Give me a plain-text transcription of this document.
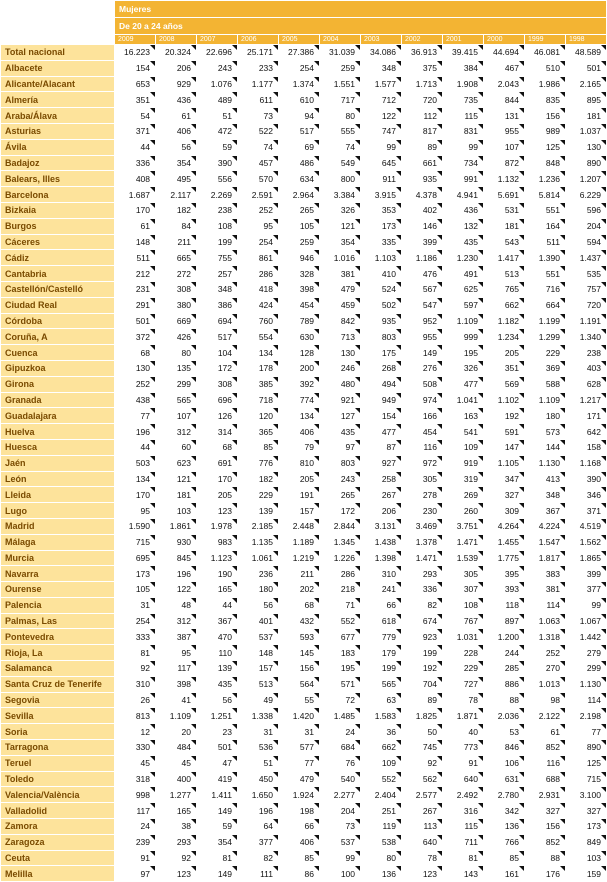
	Mujeres											
	De 20 a 24 años											
	2009	2008	2007	2006	2005	2004	2003	2002	2001	2000	1999	1998
Total nacional	16.223	20.324	22.696	25.171	27.386	31.039	34.086	36.913	39.415	44.694	46.081	48.589
Albacete	154	206	243	233	254	259	348	375	384	467	510	501
Alicante/Alacant	653	929	1.076	1.177	1.374	1.551	1.577	1.713	1.908	2.043	1.986	2.165
Almería	351	436	489	611	610	717	712	720	735	844	835	895
Araba/Álava	54	61	51	73	94	80	122	112	115	131	156	181
Asturias	371	406	472	522	517	555	747	817	831	955	989	1.037
Ávila	44	56	59	74	69	74	99	89	99	107	125	130
Badajoz	336	354	390	457	486	549	645	661	734	872	848	890
Balears, Illes	408	495	556	570	634	800	911	935	991	1.132	1.236	1.207
Barcelona	1.687	2.117	2.269	2.591	2.964	3.384	3.915	4.378	4.941	5.691	5.814	6.229
Bizkaia	170	182	238	252	265	326	353	402	436	531	551	596
Burgos	61	84	108	95	105	121	173	146	132	181	164	204
Cáceres	148	211	199	254	259	354	335	399	435	543	511	594
Cádiz	511	665	755	861	946	1.016	1.103	1.186	1.230	1.417	1.390	1.437
Cantabria	212	272	257	286	328	381	410	476	491	513	551	535
Castellón/Castelló	231	308	348	418	398	479	524	567	625	765	716	757
Ciudad Real	291	380	386	424	454	459	502	547	597	662	664	720
Córdoba	501	669	694	760	789	842	935	952	1.109	1.182	1.199	1.191
Coruña, A	372	426	517	554	630	713	803	955	999	1.234	1.299	1.340
Cuenca	68	80	104	134	128	130	175	149	195	205	229	238
Gipuzkoa	130	135	172	178	200	246	268	276	326	351	369	403
Girona	252	299	308	385	392	480	494	508	477	569	588	628
Granada	438	565	696	718	774	921	949	974	1.041	1.102	1.109	1.217
Guadalajara	77	107	126	120	134	127	154	166	163	192	180	171
Huelva	196	312	314	365	406	435	477	454	541	591	573	642
Huesca	44	60	68	85	79	97	87	116	109	147	144	158
Jaén	503	623	691	776	810	803	927	972	919	1.105	1.130	1.168
León	134	121	170	182	205	243	258	305	319	347	413	390
Lleida	170	181	205	229	191	265	267	278	269	327	348	346
Lugo	95	103	123	139	157	172	206	230	260	309	367	371
Madrid	1.590	1.861	1.978	2.185	2.448	2.844	3.131	3.469	3.751	4.264	4.224	4.519
Málaga	715	930	983	1.135	1.189	1.345	1.438	1.378	1.471	1.455	1.547	1.562
Murcia	695	845	1.123	1.061	1.219	1.226	1.398	1.471	1.539	1.775	1.817	1.865
Navarra	173	196	190	236	211	286	310	293	305	395	383	399
Ourense	105	122	165	180	202	218	241	336	307	393	381	377
Palencia	31	48	44	56	68	71	66	82	108	118	114	99
Palmas, Las	254	312	367	401	432	552	618	674	767	897	1.063	1.067
Pontevedra	333	387	470	537	593	677	779	923	1.031	1.200	1.318	1.442
Rioja, La	81	95	110	148	145	183	179	199	228	244	252	279
Salamanca	92	117	139	157	156	195	199	192	229	285	270	299
Santa Cruz de Tenerife	310	398	435	513	564	571	565	704	727	886	1.013	1.130
Segovia	26	41	56	49	55	72	63	89	78	88	98	114
Sevilla	813	1.109	1.251	1.338	1.420	1.485	1.583	1.825	1.871	2.036	2.122	2.198
Soria	12	20	23	31	31	24	36	50	40	53	61	77
Tarragona	330	484	501	536	577	684	662	745	773	846	852	890
Teruel	45	45	47	51	77	76	109	92	91	106	116	125
Toledo	318	400	419	450	479	540	552	562	640	631	688	715
Valencia/València	998	1.277	1.411	1.650	1.924	2.277	2.404	2.577	2.492	2.780	2.931	3.100
Valladolid	117	165	149	196	198	204	251	267	316	342	327	327
Zamora	24	38	59	64	66	73	119	113	115	136	156	173
Zaragoza	239	293	354	377	406	537	538	640	711	766	852	849
Ceuta	91	92	81	82	85	99	80	78	81	85	88	103
Melilla	97	123	149	111	86	100	136	123	143	161	176	159
